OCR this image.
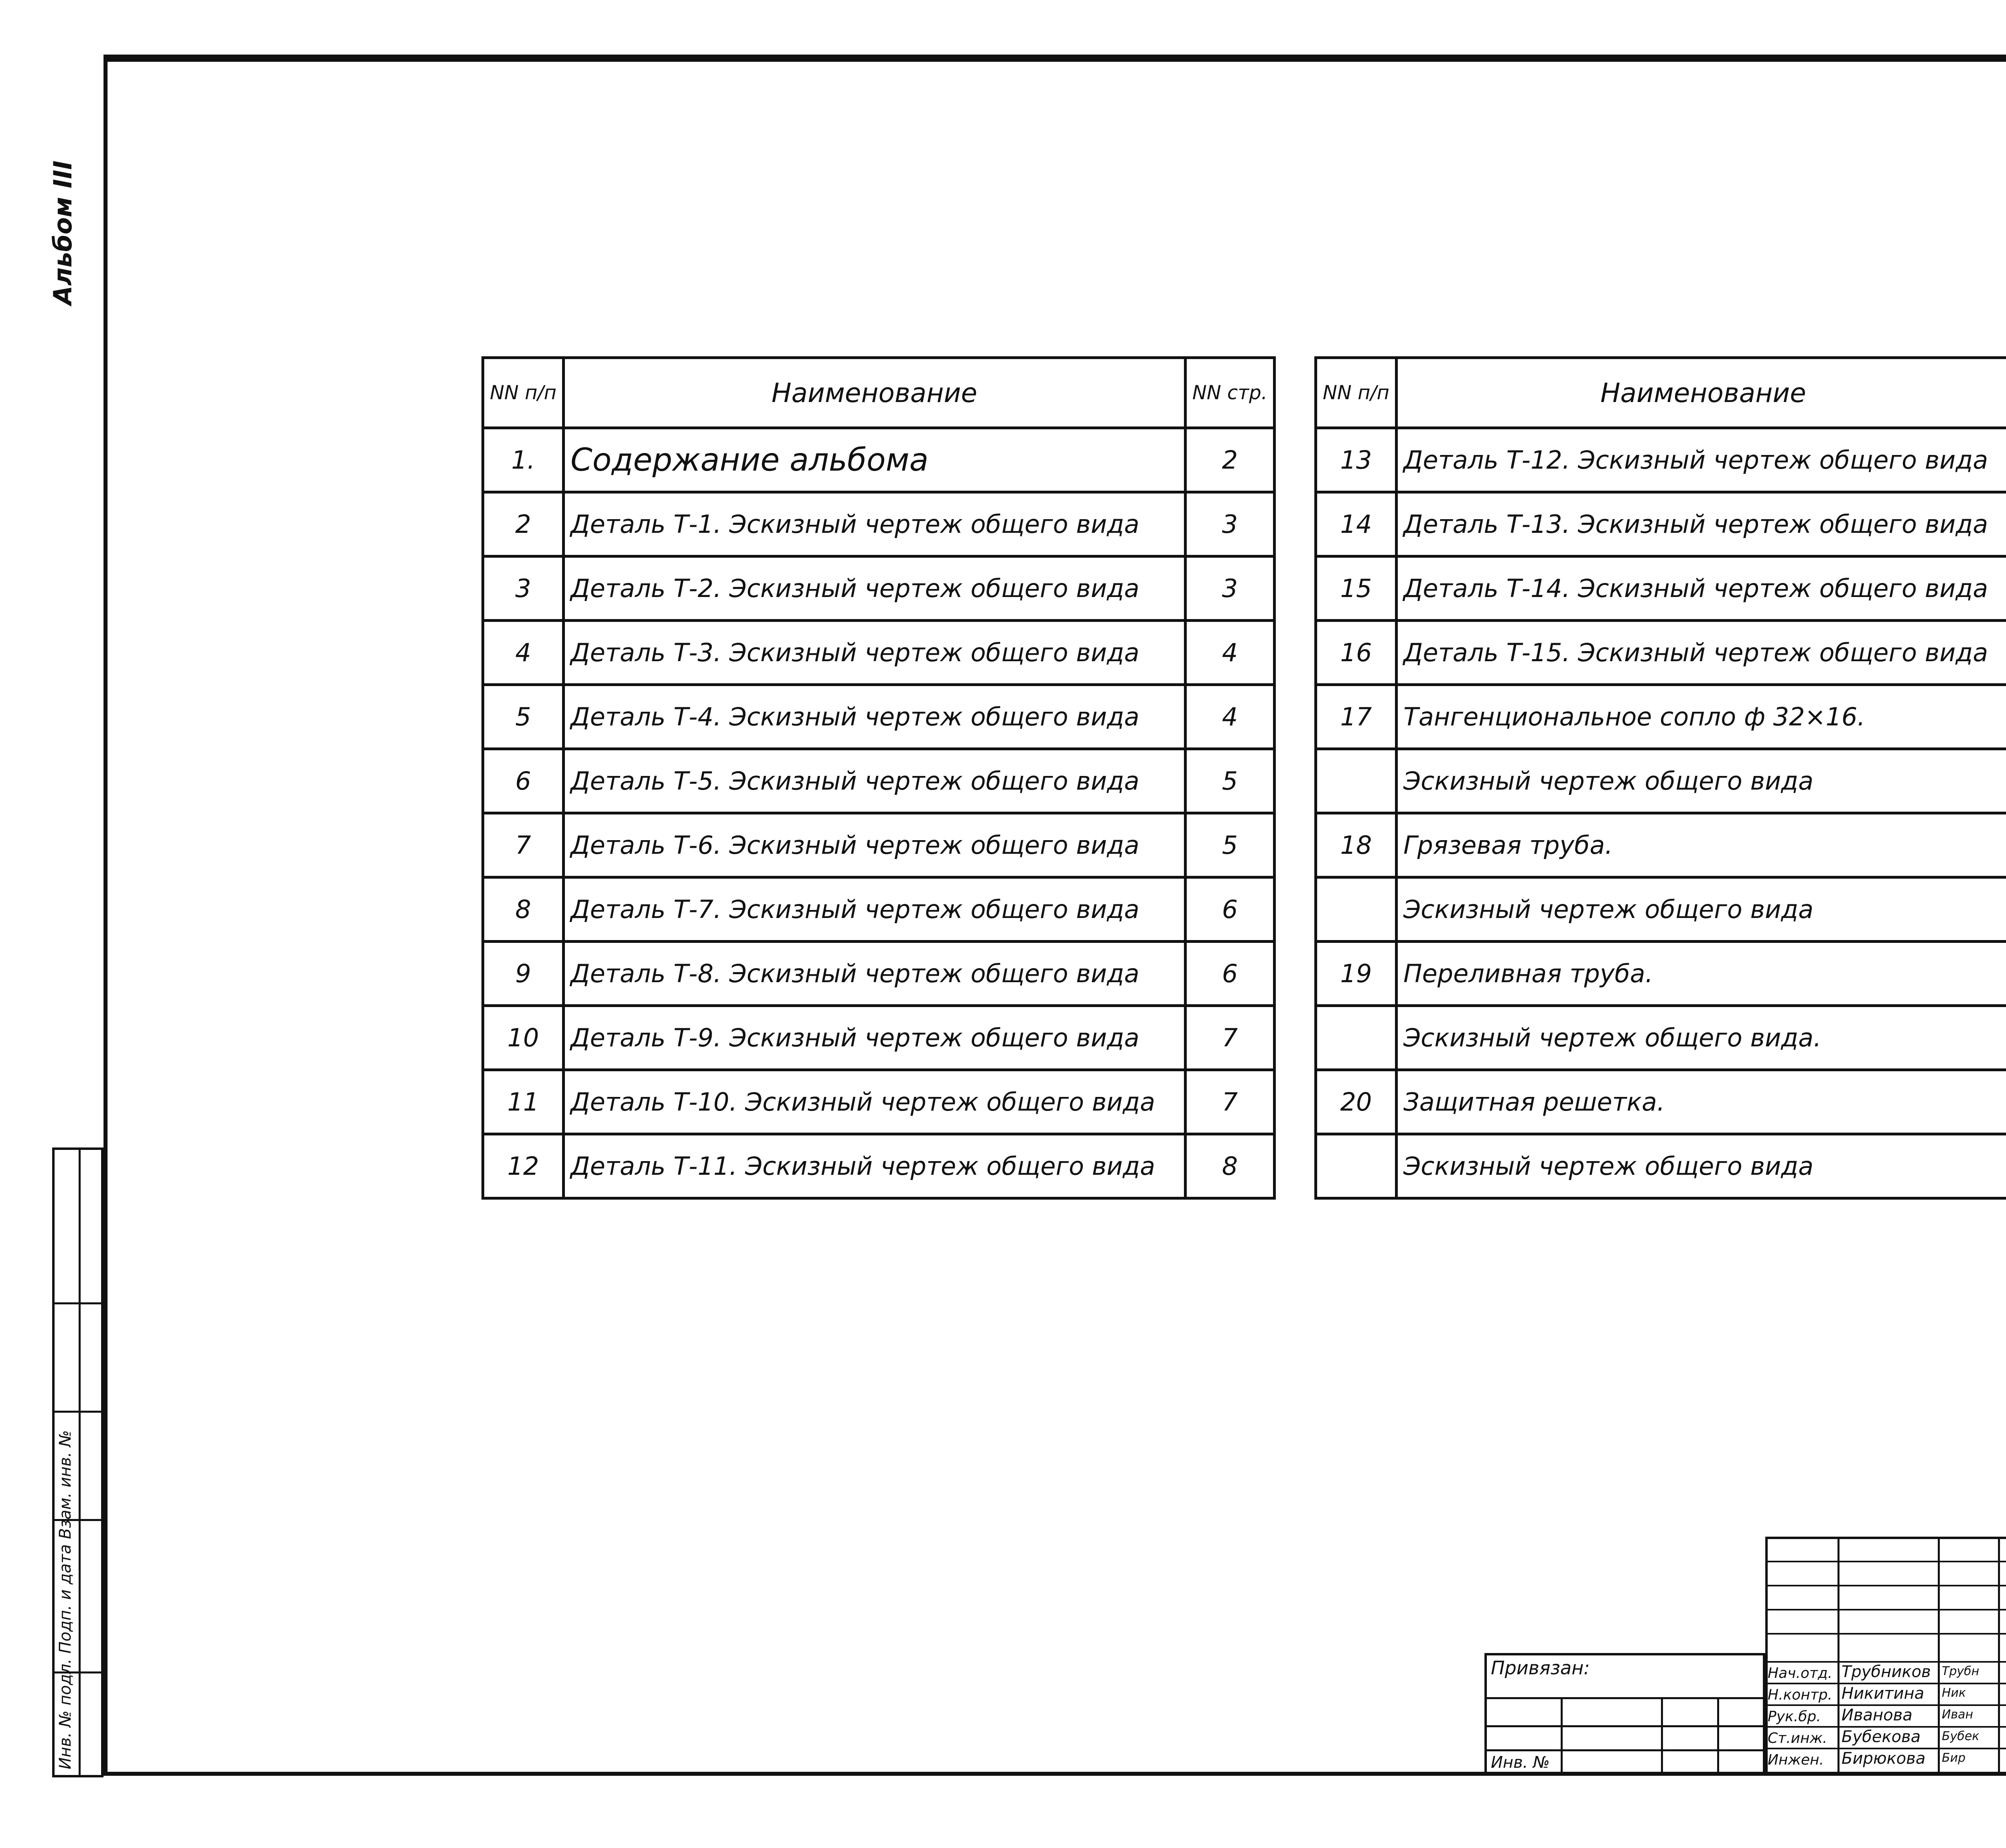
Альбом III
Инв. № подл. Подп. и дата Взам. инв. №
NN п/п	Наименование	NN стр.
1.	Содержание альбома	2
2	Деталь Т-1. Эскизный чертеж общего вида	3
3	Деталь Т-2. Эскизный чертеж общего вида	3
4	Деталь Т-3. Эскизный чертеж общего вида	4
5	Деталь Т-4. Эскизный чертеж общего вида	4
6	Деталь Т-5. Эскизный чертеж общего вида	5
7	Деталь Т-6. Эскизный чертеж общего вида	5
8	Деталь Т-7. Эскизный чертеж общего вида	6
9	Деталь Т-8. Эскизный чертеж общего вида	6
10	Деталь Т-9. Эскизный чертеж общего вида	7
11	Деталь Т-10. Эскизный чертеж общего вида	7
12	Деталь Т-11. Эскизный чертеж общего вида	8
NN п/п	Наименование	
13	Деталь Т-12. Эскизный чертеж общего вида	
14	Деталь Т-13. Эскизный чертеж общего вида	
15	Деталь Т-14. Эскизный чертеж общего вида	
16	Деталь Т-15. Эскизный чертеж общего вида	
17	Тангенциональное сопло ф 32×16.	
	Эскизный чертеж общего вида	
18	Грязевая труба.	
	Эскизный чертеж общего вида	
19	Переливная труба.	
	Эскизный чертеж общего вида.	
20	Защитная решетка.	
	Эскизный чертеж общего вида	
Привязан:
Инв. №
Нач.отд. Трубников Трубн
Н.контр. Никитина Ник
Рук.бр. Иванова Иван
Ст.инж. Бубекова Бубек
Инжен. Бирюкова Бир
